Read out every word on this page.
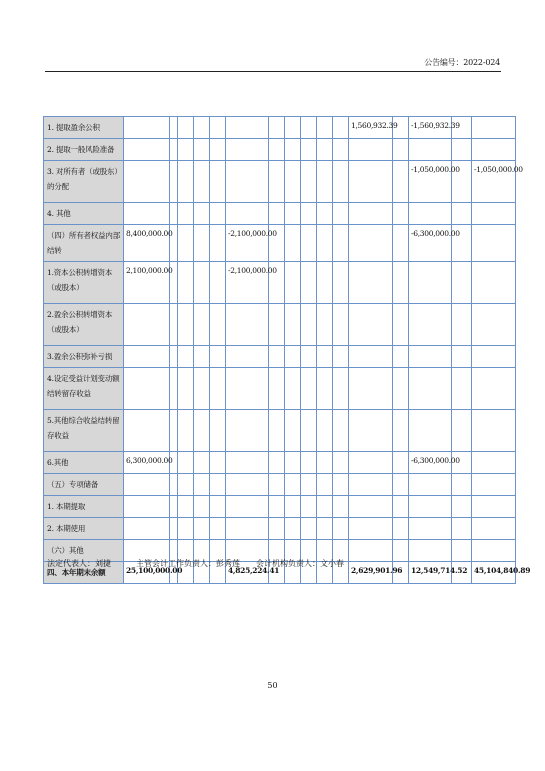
公告编号：2022-024
1. 提取盈余公积												1,560,932.39		-1,560,932.39		
2. 提取一般风险准备																
3. 对所有者（或股东）的分配														-1,050,000.00		-1,050,000.00
4. 其他																
（四）所有者权益内部结转	8,400,000.00					-2,100,000.00								-6,300,000.00		
1.资本公积转增资本（或股本）	2,100,000.00					-2,100,000.00										
2.盈余公积转增资本（或股本）																
3.盈余公积弥补亏损																
4.设定受益计划变动额结转留存收益																
5.其他综合收益结转留存收益																
6.其他	6,300,000.00													-6,300,000.00		
（五）专项储备																
1. 本期提取																
2. 本期使用																
（六）其他																
四、本年期末余额	25,100,000.00					4,825,224.41						2,629,901.96		12,549,714.52		45,104,840.89
法定代表人：刘捷	主管会计工作负责人：彭秀莲 会计机构负责人：文小春
50
